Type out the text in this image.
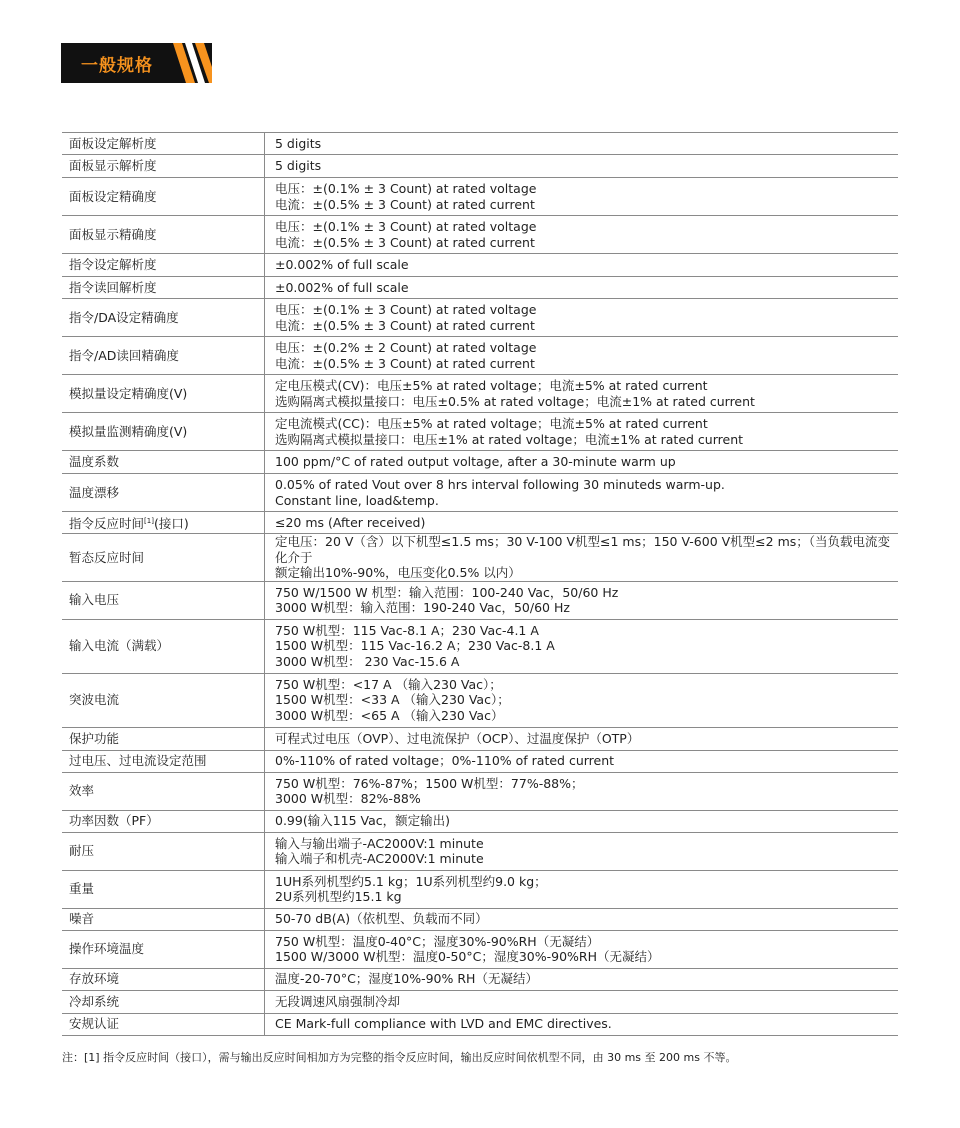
一般规格
面板设定解析度	5 digits

面板显示解析度	5 digits

面板设定精确度	电压：±(0.1% ± 3 Count) at rated voltage
电流：±(0.5% ± 3 Count) at rated current

面板显示精确度	电压：±(0.1% ± 3 Count) at rated voltage
电流：±(0.5% ± 3 Count) at rated current

指令设定解析度	±0.002% of full scale

指令读回解析度	±0.002% of full scale

指令/DA设定精确度	电压：±(0.1% ± 3 Count) at rated voltage
电流：±(0.5% ± 3 Count) at rated current

指令/AD读回精确度	电压：±(0.2% ± 2 Count) at rated voltage
电流：±(0.5% ± 3 Count) at rated current

模拟量设定精确度(V)	定电压模式(CV)：电压±5% at rated voltage；电流±5% at rated current
选购隔离式模拟量接口：电压±0.5% at rated voltage；电流±1% at rated current

模拟量监测精确度(V)	定电流模式(CC)：电压±5% at rated voltage；电流±5% at rated current
选购隔离式模拟量接口：电压±1% at rated voltage；电流±1% at rated current

温度系数	100 ppm/°C of rated output voltage, after a 30-minute warm up

温度漂移	0.05% of rated Vout over 8 hrs interval following 30 minuteds warm-up.
Constant line, load&temp.

指令反应时间[1](接口)	≤20 ms (After received)

暂态反应时间	定电压：20 V（含）以下机型≤1.5 ms；30 V-100 V机型≤1 ms；150 V-600 V机型≤2 ms；（当负载电流变化介于
额定输出10%-90%，电压变化0.5% 以内）

输入电压	750 W/1500 W 机型：输入范围：100-240 Vac，50/60 Hz
3000 W机型：输入范围：190-240 Vac，50/60 Hz

输入电流（满载）	750 W机型：115 Vac-8.1 A；230 Vac-4.1 A
1500 W机型：115 Vac-16.2 A；230 Vac-8.1 A
3000 W机型： 230 Vac-15.6 A

突波电流	750 W机型：<17 A （输入230 Vac）；
1500 W机型：<33 A （输入230 Vac）；
3000 W机型：<65 A （输入230 Vac）

保护功能	可程式过电压（OVP）、过电流保护（OCP）、过温度保护（OTP）

过电压、过电流设定范围	0%-110% of rated voltage；0%-110% of rated current

效率	750 W机型：76%-87%；1500 W机型：77%-88%；
3000 W机型：82%-88%

功率因数（PF）	0.99(输入115 Vac，额定输出)

耐压	输入与输出端子-AC2000V:1 minute
输入端子和机壳-AC2000V:1 minute

重量	1UH系列机型约5.1 kg；1U系列机型约9.0 kg；
2U系列机型约15.1 kg

噪音	50-70 dB(A)（依机型、负载而不同）

操作环境温度	750 W机型：温度0-40°C；湿度30%-90%RH（无凝结）
1500 W/3000 W机型：温度0-50°C；湿度30%-90%RH（无凝结）

存放环境	温度-20-70°C；湿度10%-90% RH（无凝结）

冷却系统	无段调速风扇强制冷却

安规认证	CE Mark-full compliance with LVD and EMC directives.
注：[1] 指令反应时间（接口），需与输出反应时间相加方为完整的指令反应时间，输出反应时间依机型不同，由 30 ms 至 200 ms 不等。
